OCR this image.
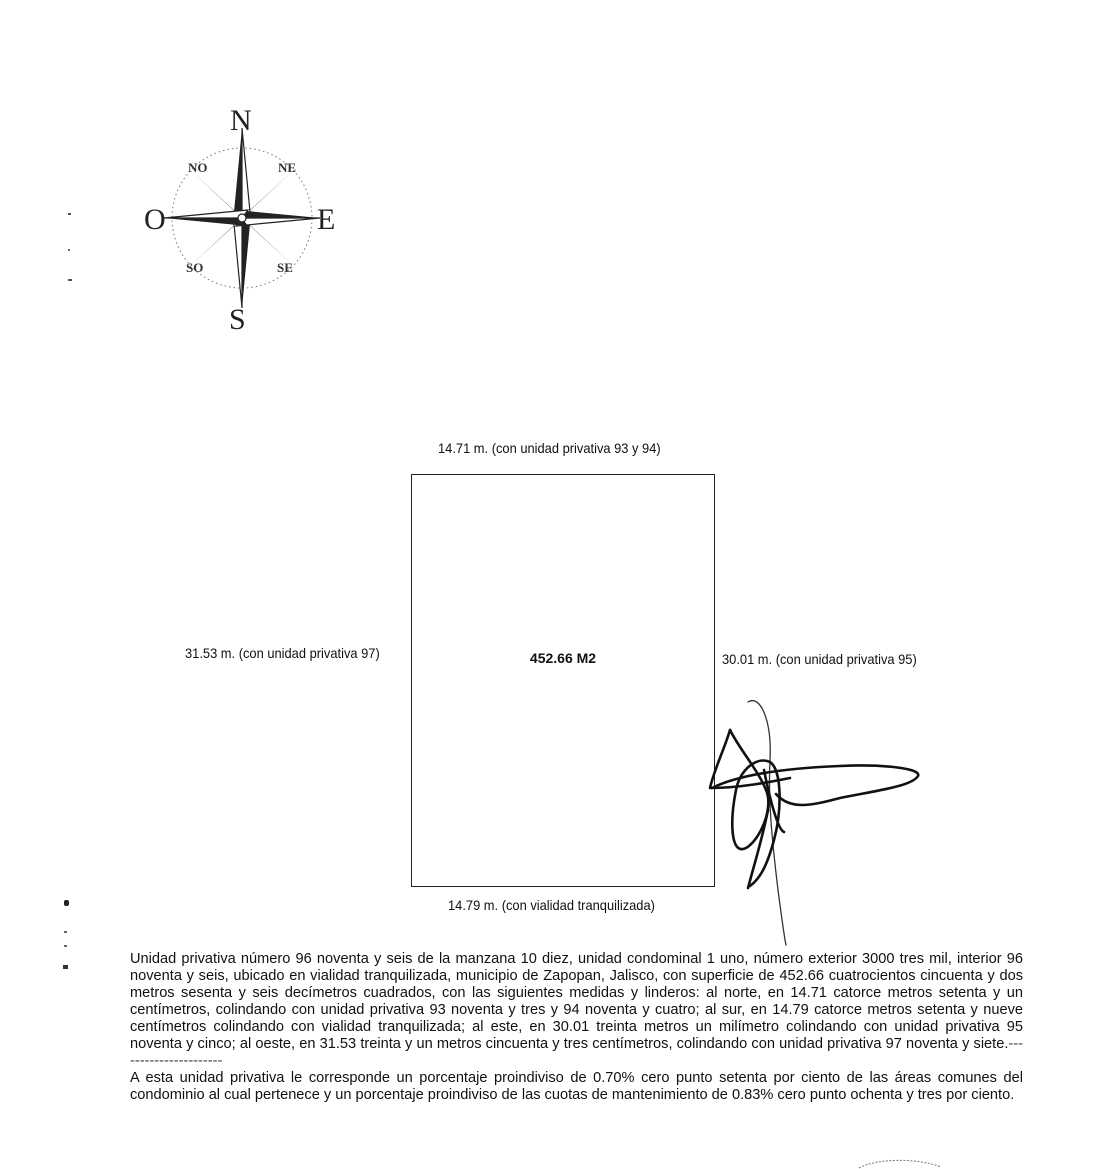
N
S
E
O
NO	NE
SO	SE
14.71 m. (con unidad privativa 93 y 94)
31.53 m. (con unidad privativa 97)	30.01 m. (con unidad privativa 95)
14.79 m. (con vialidad tranquilizada)
452.66 M2

Unidad privativa número 96 noventa y seis de la manzana 10 diez, unidad condominal 1 uno, número exterior 3000 tres mil, interior 96 noventa y seis, ubicado en vialidad tranquilizada, municipio de Zapopan, Jalisco, con superficie de 452.66 cuatrocientos cincuenta y dos metros sesenta y seis decímetros cuadrados, con las siguientes medidas y linderos: al norte, en 14.71 catorce metros setenta y un centímetros, colindando con unidad privativa 93 noventa y tres y 94 noventa y cuatro; al sur, en 14.79 catorce metros setenta y nueve centímetros colindando con vialidad tranquilizada; al este, en 30.01 treinta metros un milímetro colindando con unidad privativa 95 noventa y cinco; al oeste, en 31.53 treinta y un metros cincuenta y tres centímetros, colindando con unidad privativa 97 noventa y siete.----------------------

A esta unidad privativa le corresponde un porcentaje proindiviso de 0.70% cero punto setenta por ciento de las áreas comunes del condominio al cual pertenece y un porcentaje proindiviso de las cuotas de mantenimiento de 0.83% cero punto ochenta y tres por ciento.
